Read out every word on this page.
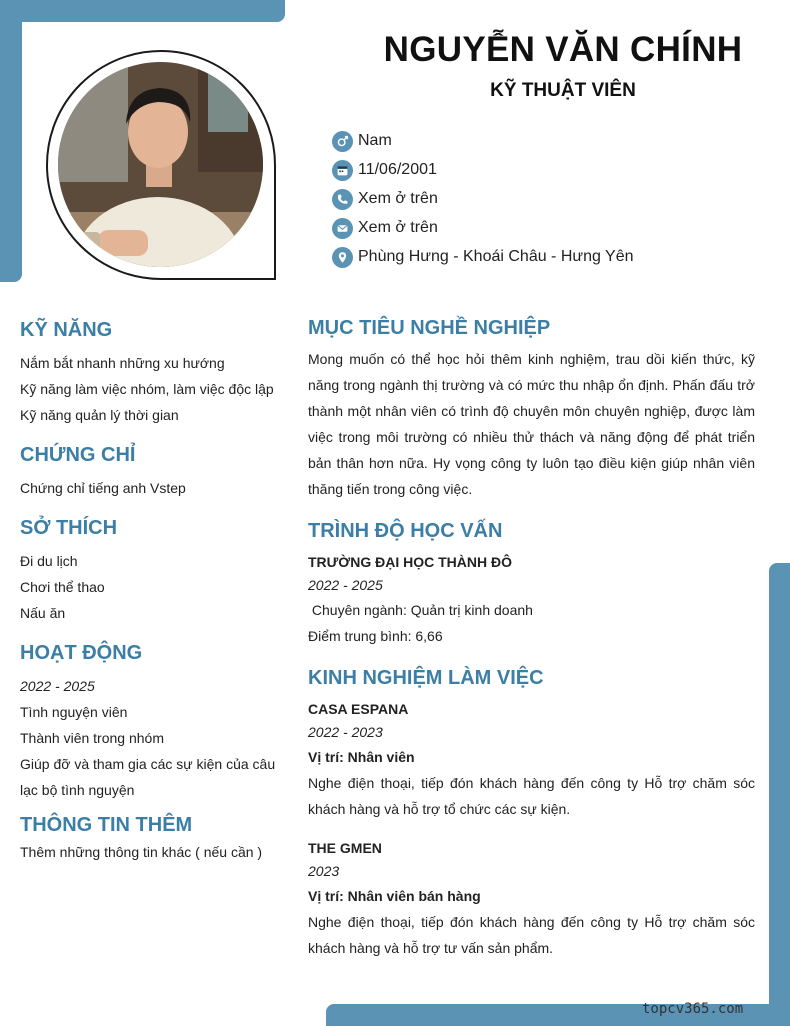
NGUYỄN VĂN CHÍNH
KỸ THUẬT VIÊN
Nam
11/06/2001
Xem ở trên
Xem ở trên
Phùng Hưng - Khoái Châu - Hưng Yên
KỸ NĂNG
Nắm bắt nhanh những xu hướng
Kỹ năng làm việc nhóm, làm việc độc lập
Kỹ năng quản lý thời gian
CHỨNG CHỈ
Chứng chỉ tiếng anh Vstep
SỞ THÍCH
Đi du lịch
Chơi thể thao
Nấu ăn
HOẠT ĐỘNG
2022 - 2025
Tình nguyện viên
Thành viên trong nhóm
Giúp đỡ và tham gia các sự kiện của câu
lạc bộ tình nguyện
THÔNG TIN THÊM
Thêm những thông tin khác ( nếu cần )
MỤC TIÊU NGHỀ NGHIỆP
Mong muốn có thể học hỏi thêm kinh nghiệm, trau dồi kiến thức, kỹ năng trong ngành thị trường và có mức thu nhập ổn định. Phấn đấu trở thành một nhân viên có trình độ chuyên môn chuyên nghiệp, được làm việc trong môi trường có nhiều thử thách và năng động để phát triển bản thân hơn nữa. Hy vọng công ty luôn tạo điều kiện giúp nhân viên thăng tiến trong công việc.
TRÌNH ĐỘ HỌC VẤN
TRƯỜNG ĐẠI HỌC THÀNH ĐÔ
2022 - 2025
Chuyên ngành: Quản trị kinh doanh
Điểm trung bình: 6,66
KINH NGHIỆM LÀM VIỆC
CASA ESPANA
2022 - 2023
Vị trí: Nhân viên
Nghe điện thoại, tiếp đón khách hàng đến công ty Hỗ trợ chăm sóc khách hàng và hỗ trợ tổ chức các sự kiện.
THE GMEN
2023
Vị trí: Nhân viên bán hàng
Nghe điện thoại, tiếp đón khách hàng đến công ty Hỗ trợ chăm sóc khách hàng và hỗ trợ tư vấn sản phẩm.
topcv365.com
